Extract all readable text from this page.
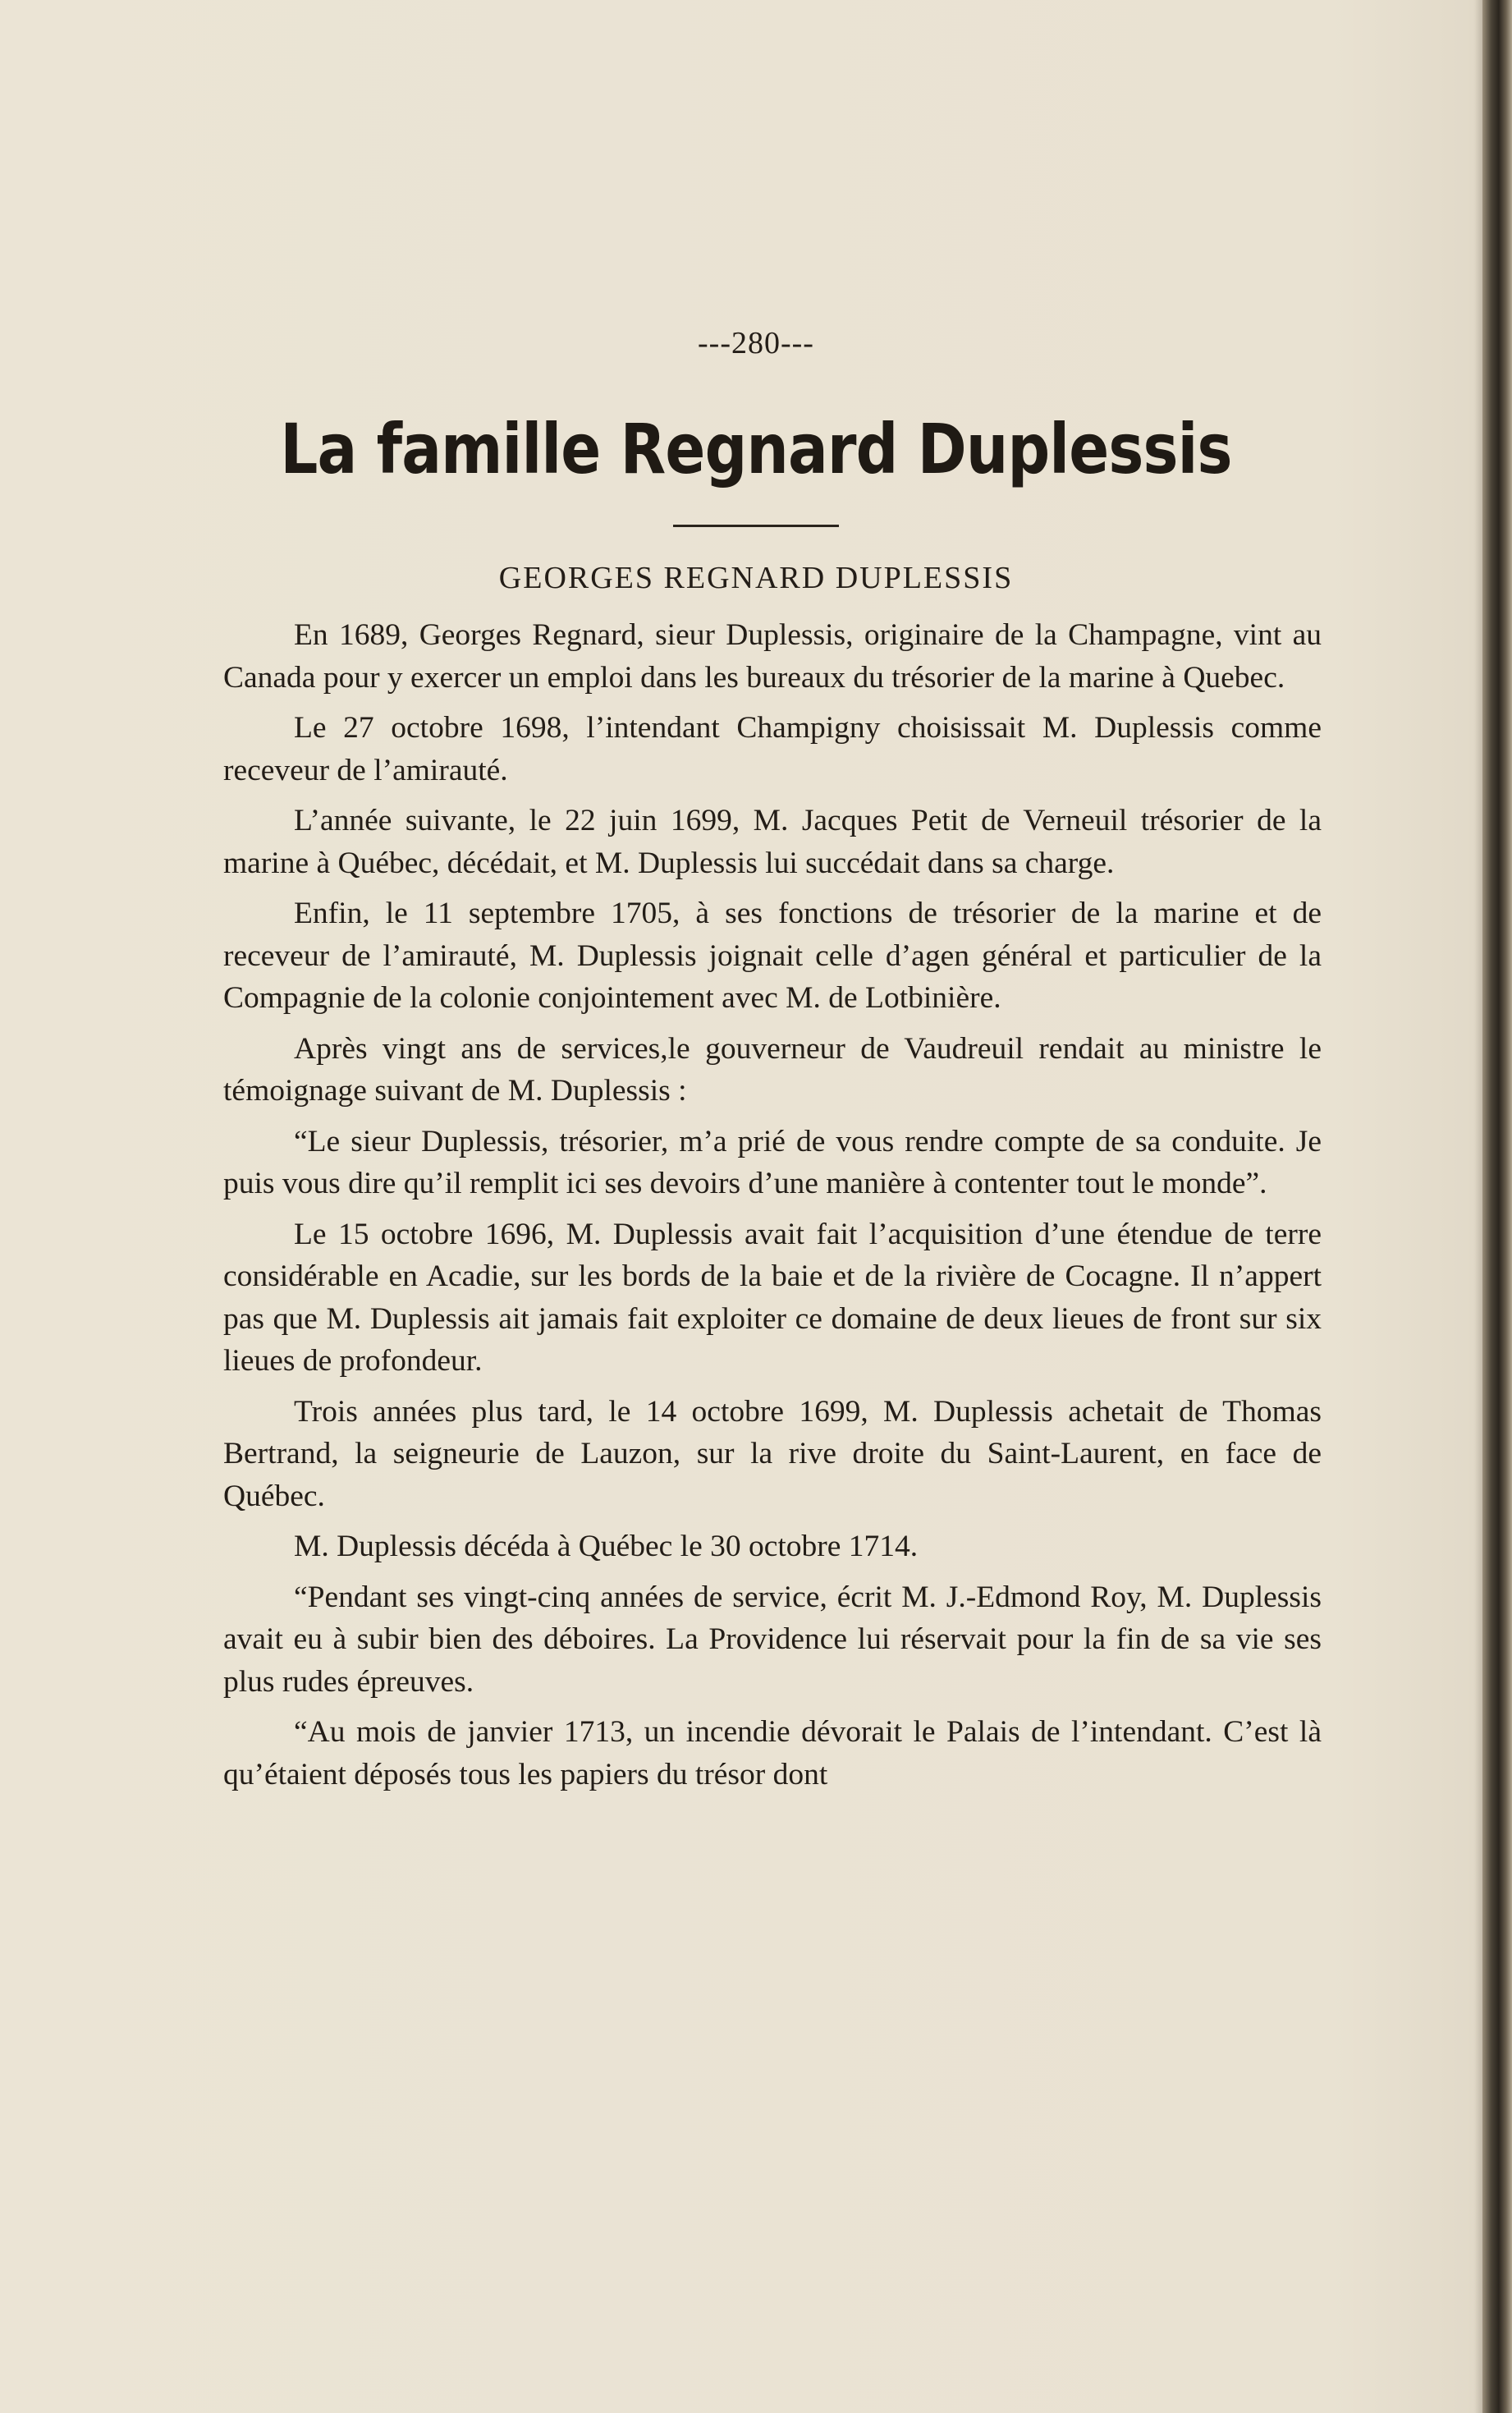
---280---
La famille Regnard Duplessis
GEORGES REGNARD DUPLESSIS

En 1689, Georges Regnard, sieur Duplessis, originaire de la Champagne, vint au Canada pour y exercer un emploi dans les bureaux du trésorier de la marine à Quebec.

Le 27 octobre 1698, l’intendant Champigny choisissait M. Duplessis comme receveur de l’amirauté.

L’année suivante, le 22 juin 1699, M. Jacques Petit de Verneuil trésorier de la marine à Québec, décédait, et M. Duplessis lui succédait dans sa charge.

Enfin, le 11 septembre 1705, à ses fonctions de trésorier de la marine et de receveur de l’amirauté, M. Duplessis joignait celle d’agen général et particulier de la Compagnie de la colonie conjointement avec M. de Lotbinière.

Après vingt ans de services,le gouverneur de Vaudreuil rendait au ministre le témoignage suivant de M. Duplessis :

“Le sieur Duplessis, trésorier, m’a prié de vous rendre compte de sa conduite. Je puis vous dire qu’il remplit ici ses devoirs d’une manière à contenter tout le monde”.

Le 15 octobre 1696, M. Duplessis avait fait l’acquisition d’une étendue de terre considérable en Acadie, sur les bords de la baie et de la rivière de Cocagne. Il n’appert pas que M. Duplessis ait jamais fait exploiter ce domaine de deux lieues de front sur six lieues de profondeur.

Trois années plus tard, le 14 octobre 1699, M. Duplessis achetait de Thomas Bertrand, la seigneurie de Lauzon, sur la rive droite du Saint-Laurent, en face de Québec.

M. Duplessis décéda à Québec le 30 octobre 1714.

“Pendant ses vingt-cinq années de service, écrit M. J.-Edmond Roy, M. Duplessis avait eu à subir bien des déboires. La Providence lui réservait pour la fin de sa vie ses plus rudes épreuves.

“Au mois de janvier 1713, un incendie dévorait le Palais de l’intendant. C’est là qu’étaient déposés tous les papiers du trésor dont
